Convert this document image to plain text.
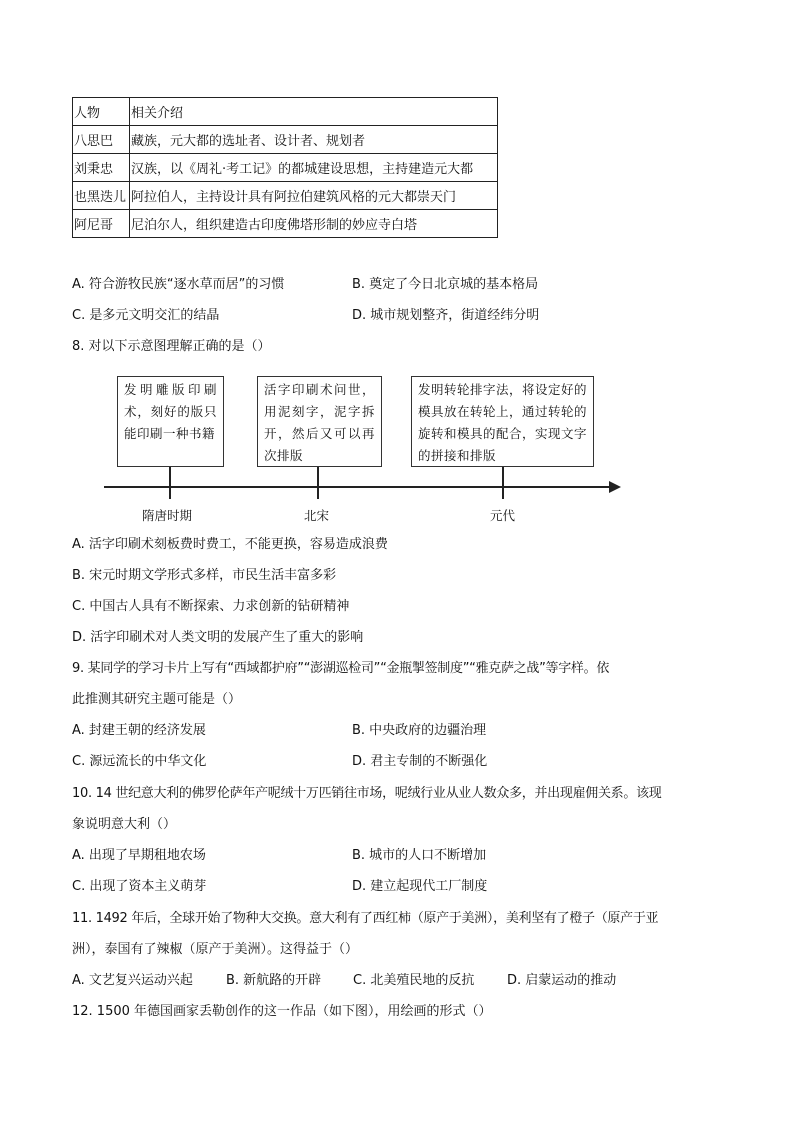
人物	相关介绍
八思巴	藏族，元大都的选址者、设计者、规划者
刘秉忠	汉族，以《周礼·考工记》的都城建设思想，主持建造元大都
也黑迭儿	阿拉伯人，主持设计具有阿拉伯建筑风格的元大都崇天门
阿尼哥	尼泊尔人，组织建造古印度佛塔形制的妙应寺白塔
A. 符合游牧民族“逐水草而居”的习惯	B. 奠定了今日北京城的基本格局
C. 是多元文明交汇的结晶	D. 城市规划整齐，街道经纬分明
8. 对以下示意图理解正确的是（）
发明雕版印刷术，刻好的版只能印刷一种书籍
活字印刷术问世，用泥刻字，泥字拆开，然后又可以再次排版
发明转轮排字法，将设定好的模具放在转轮上，通过转轮的旋转和模具的配合，实现文字的拼接和排版
隋唐时期	北宋	元代
A. 活字印刷术刻板费时费工，不能更换，容易造成浪费
B. 宋元时期文学形式多样，市民生活丰富多彩
C. 中国古人具有不断探索、力求创新的钻研精神
D. 活字印刷术对人类文明的发展产生了重大的影响
9. 某同学的学习卡片上写有“西域都护府”“澎湖巡检司”“金瓶掣签制度”“雅克萨之战”等字样。依
此推测其研究主题可能是（）
A. 封建王朝的经济发展	B. 中央政府的边疆治理
C. 源远流长的中华文化	D. 君主专制的不断强化
10. 14 世纪意大利的佛罗伦萨年产呢绒十万匹销往市场，呢绒行业从业人数众多，并出现雇佣关系。该现
象说明意大利（）
A. 出现了早期租地农场	B. 城市的人口不断增加
C. 出现了资本主义萌芽	D. 建立起现代工厂制度
11. 1492 年后，全球开始了物种大交换。意大利有了西红柿（原产于美洲），美利坚有了橙子（原产于亚
洲），泰国有了辣椒（原产于美洲）。这得益于（）
A. 文艺复兴运动兴起	B. 新航路的开辟 C. 北美殖民地的反抗	D. 启蒙运动的推动
12. 1500 年德国画家丢勒创作的这一作品（如下图），用绘画的形式（）
